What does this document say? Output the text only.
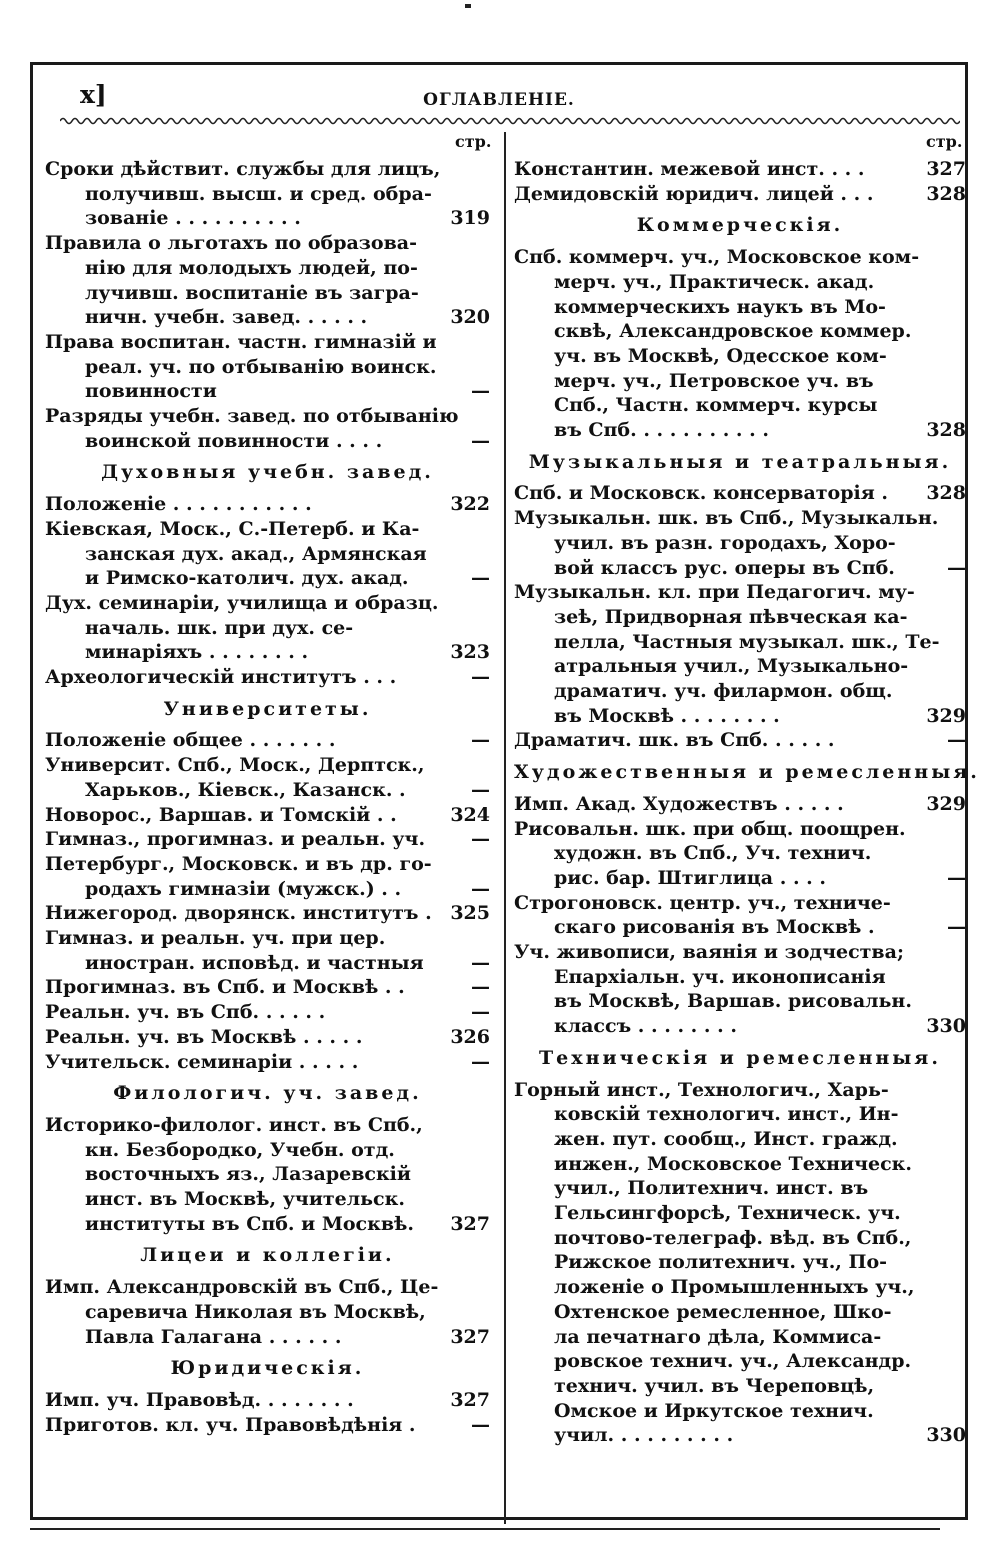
x]	ОГЛАВЛЕНІЕ.
стр.
Сроки дѣйствит. службы для лицъ,
получивш. высш. и сред. обра-
зованіе . . . . . . . . . .	319
Правила о льготахъ по образова-
нію для молодыхъ людей, по-
лучивш. воспитаніе въ загра-
ничн. учебн. завед. . . . . .	320
Права воспитан. частн. гимназій и
реал. уч. по отбыванію воинск.
повинности	—
Разряды учебн. завед. по отбыванію
воинской повинности . . . .	—
Духовныя учебн. завед.
Положеніе . . . . . . . . . . .	322
Кіевская, Моск., С.-Петерб. и Ка-
занская дух. акад., Армянская
и Римско-католич. дух. акад.	—
Дух. семинаріи, училища и образц.
началь. шк. при дух. се-
минаріяхъ . . . . . . . .	323
Археологическій институтъ . . .	—
Университеты.
Положеніе общее . . . . . . .	—
Университ. Спб., Моск., Дерптск.,
Харьков., Кіевск., Казанск. .	—
Новорос., Варшав. и Томскій . .	324
Гимназ., прогимназ. и реальн. уч. —
Петербург., Московск. и въ др. го-
родахъ гимназіи (мужск.) . .	—
Нижегород. дворянск. институтъ . 325
Гимназ. и реальн. уч. при цер.
иностран. исповѣд. и частныя —
Прогимназ. въ Спб. и Москвѣ . .	—
Реальн. уч. въ Спб. . . . . .	—
Реальн. уч. въ Москвѣ . . . . .	326
Учительск. семинаріи . . . . .	—
Филологич. уч. завед.
Историко-филолог. инст. въ Спб.,
кн. Безбородко, Учебн. отд.
восточныхъ яз., Лазаревскій
инст. въ Москвѣ, учительск.
институты въ Спб. и Москвѣ. 327
Лицеи и коллегіи.
Имп. Александровскій въ Спб., Це-
саревича Николая въ Москвѣ,
Павла Галагана . . . . . .	327
Юридическія.
Имп. уч. Правовѣд. . . . . . . .	327
Приготов. кл. уч. Правовѣдѣнія .	—
стр.
Константин. межевой инст. . . .	327
Демидовскій юридич. лицей . . .	328
Коммерческія.
Спб. коммерч. уч., Московское ком-
мерч. уч., Практическ. акад.
коммерческихъ наукъ въ Мо-
сквѣ, Александровское коммер.
уч. въ Москвѣ, Одесское ком-
мерч. уч., Петровское уч. въ
Спб., Частн. коммерч. курсы
въ Спб. . . . . . . . . . .	328
Музыкальныя и театральныя.
Спб. и Московск. консерваторія . 328
Музыкальн. шк. въ Спб., Музыкальн.
учил. въ разн. городахъ, Хоро-
вой классъ рус. оперы въ Спб.	—
Музыкальн. кл. при Педагогич. му-
зеѣ, Придворная пѣвческая ка-
пелла, Частныя музыкал. шк., Те-
атральныя учил., Музыкально-
драматич. уч. филармон. общ.
въ Москвѣ . . . . . . . .	329
Драматич. шк. въ Спб. . . . . .	—
Художественныя и ремесленныя.
Имп. Акад. Художествъ . . . . .	329
Рисовальн. шк. при общ. поощрен.
художн. въ Спб., Уч. технич.
рис. бар. Штиглица . . . .	—
Строгоновск. центр. уч., техниче-
скаго рисованія въ Москвѣ .	—
Уч. живописи, ваянія и зодчества;
Епархіальн. уч. иконописанія
въ Москвѣ, Варшав. рисовальн.
классъ . . . . . . . .	330
Техническія и ремесленныя.
Горный инст., Технологич., Харь-
ковскій технологич. инст., Ин-
жен. пут. сообщ., Инст. гражд.
инжен., Московское Техническ.
учил., Политехнич. инст. въ
Гельсингфорсѣ, Техническ. уч.
почтово-телеграф. вѣд. въ Спб.,
Рижское политехнич. уч., По-
ложеніе о Промышленныхъ уч.,
Охтенское ремесленное, Шко-
ла печатнаго дѣла, Коммиса-
ровское технич. уч., Александр.
технич. учил. въ Череповцѣ,
Омское и Иркутское технич.
учил. . . . . . . . . .	330
